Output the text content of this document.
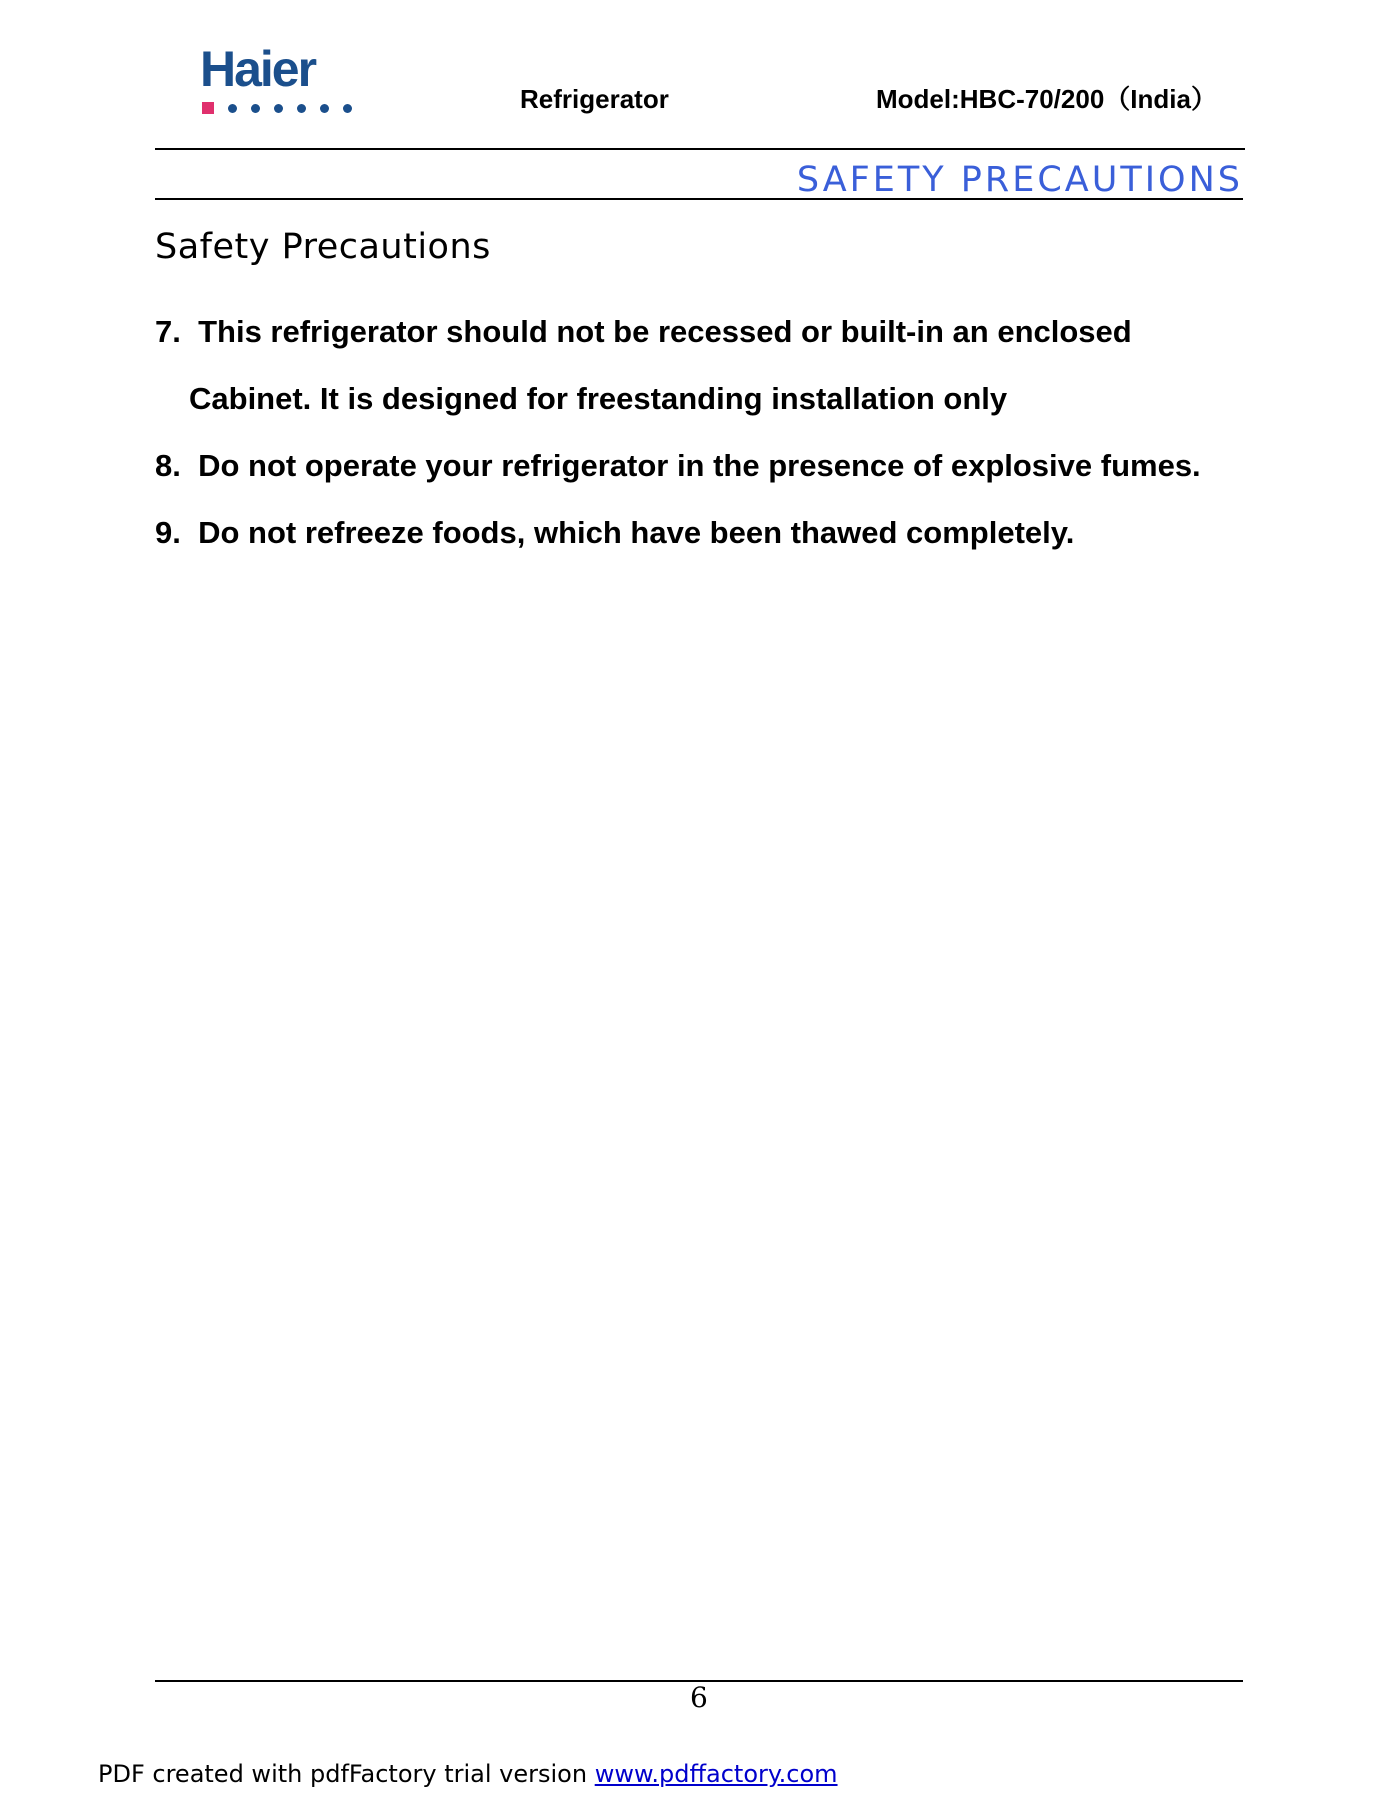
Haier
Refrigerator	Model:HBC-70/200（India）
SAFETY PRECAUTIONS
Safety Precautions
7.  This refrigerator should not be recessed or built-in an enclosed
Cabinet. It is designed for freestanding installation only
8.  Do not operate your refrigerator in the presence of explosive fumes.
9.  Do not refreeze foods, which have been thawed completely.
6
PDF created with pdfFactory trial version www.pdffactory.com
